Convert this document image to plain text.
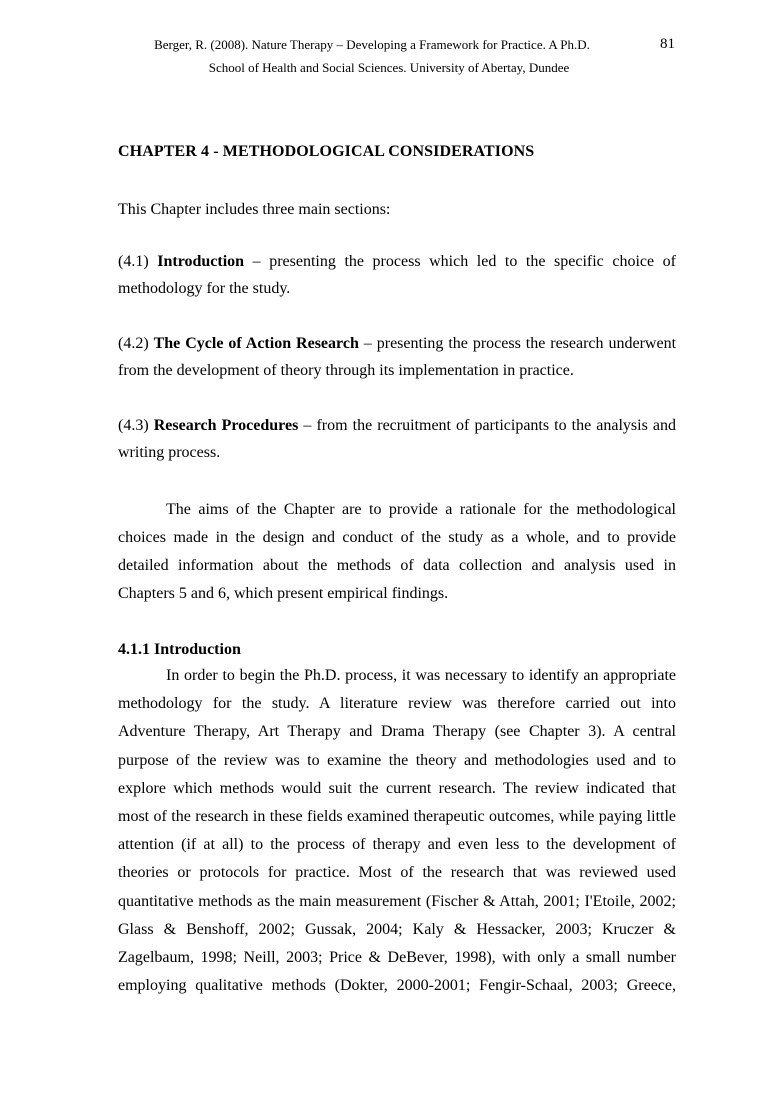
Berger, R. (2008). Nature Therapy – Developing a Framework for Practice. A Ph.D.	81
School of Health and Social Sciences. University of Abertay, Dundee
CHAPTER 4 - METHODOLOGICAL CONSIDERATIONS
This Chapter includes three main sections:
(4.1) Introduction – presenting the process which led to the specific choice of
methodology for the study.
(4.2) The Cycle of Action Research – presenting the process the research underwent
from the development of theory through its implementation in practice.
(4.3) Research Procedures – from the recruitment of participants to the analysis and
writing process.
The aims of the Chapter are to provide a rationale for the methodological
choices made in the design and conduct of the study as a whole, and to provide
detailed information about the methods of data collection and analysis used in
Chapters 5 and 6, which present empirical findings.
4.1.1 Introduction
In order to begin the Ph.D. process, it was necessary to identify an appropriate
methodology for the study. A literature review was therefore carried out into
Adventure Therapy, Art Therapy and Drama Therapy (see Chapter 3). A central
purpose of the review was to examine the theory and methodologies used and to
explore which methods would suit the current research. The review indicated that
most of the research in these fields examined therapeutic outcomes, while paying little
attention (if at all) to the process of therapy and even less to the development of
theories or protocols for practice. Most of the research that was reviewed used
quantitative methods as the main measurement (Fischer & Attah, 2001; I'Etoile, 2002;
Glass & Benshoff, 2002; Gussak, 2004; Kaly & Hessacker, 2003; Kruczer &
Zagelbaum, 1998; Neill, 2003; Price & DeBever, 1998), with only a small number
employing qualitative methods (Dokter, 2000-2001; Fengir-Schaal, 2003; Greece,
